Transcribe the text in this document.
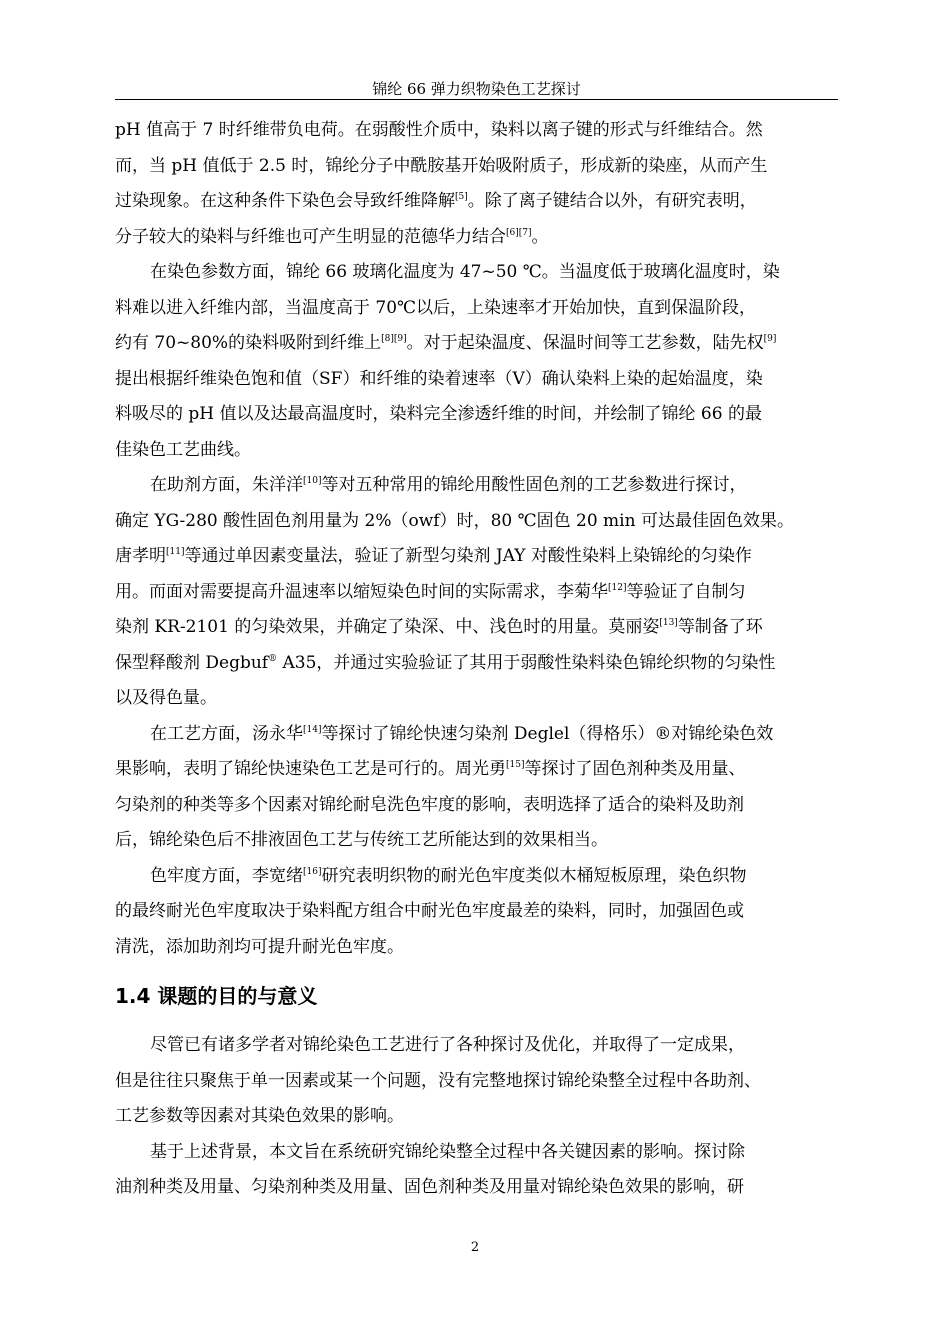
锦纶 66 弹力织物染色工艺探讨
pH 值高于 7 时纤维带负电荷。在弱酸性介质中，染料以离子键的形式与纤维结合。然
而，当 pH 值低于 2.5 时，锦纶分子中酰胺基开始吸附质子，形成新的染座，从而产生
过染现象。在这种条件下染色会导致纤维降解[5]。除了离子键结合以外，有研究表明，
分子较大的染料与纤维也可产生明显的范德华力结合[6][7]。
在染色参数方面，锦纶 66 玻璃化温度为 47~50 ℃。当温度低于玻璃化温度时，染
料难以进入纤维内部，当温度高于 70℃以后，上染速率才开始加快，直到保温阶段，
约有 70~80%的染料吸附到纤维上[8][9]。对于起染温度、保温时间等工艺参数，陆先权[9]
提出根据纤维染色饱和值（SF）和纤维的染着速率（V）确认染料上染的起始温度，染
料吸尽的 pH 值以及达最高温度时，染料完全渗透纤维的时间，并绘制了锦纶 66 的最
佳染色工艺曲线。
在助剂方面，朱洋洋[10]等对五种常用的锦纶用酸性固色剂的工艺参数进行探讨，
确定 YG-280 酸性固色剂用量为 2%（owf）时，80 ℃固色 20 min 可达最佳固色效果。
唐孝明[11]等通过单因素变量法，验证了新型匀染剂 JAY 对酸性染料上染锦纶的匀染作
用。而面对需要提高升温速率以缩短染色时间的实际需求，李菊华[12]等验证了自制匀
染剂 KR-2101 的匀染效果，并确定了染深、中、浅色时的用量。莫丽姿[13]等制备了环
保型释酸剂 Degbuf® A35，并通过实验验证了其用于弱酸性染料染色锦纶织物的匀染性
以及得色量。
在工艺方面，汤永华[14]等探讨了锦纶快速匀染剂 Deglel（得格乐）®对锦纶染色效
果影响，表明了锦纶快速染色工艺是可行的。周光勇[15]等探讨了固色剂种类及用量、
匀染剂的种类等多个因素对锦纶耐皂洗色牢度的影响，表明选择了适合的染料及助剂
后，锦纶染色后不排液固色工艺与传统工艺所能达到的效果相当。
色牢度方面，李宽绪[16]研究表明织物的耐光色牢度类似木桶短板原理，染色织物
的最终耐光色牢度取决于染料配方组合中耐光色牢度最差的染料，同时，加强固色或
清洗，添加助剂均可提升耐光色牢度。
1.4 课题的目的与意义
尽管已有诸多学者对锦纶染色工艺进行了各种探讨及优化，并取得了一定成果，
但是往往只聚焦于单一因素或某一个问题，没有完整地探讨锦纶染整全过程中各助剂、
工艺参数等因素对其染色效果的影响。
基于上述背景，本文旨在系统研究锦纶染整全过程中各关键因素的影响。探讨除
油剂种类及用量、匀染剂种类及用量、固色剂种类及用量对锦纶染色效果的影响，研
2
